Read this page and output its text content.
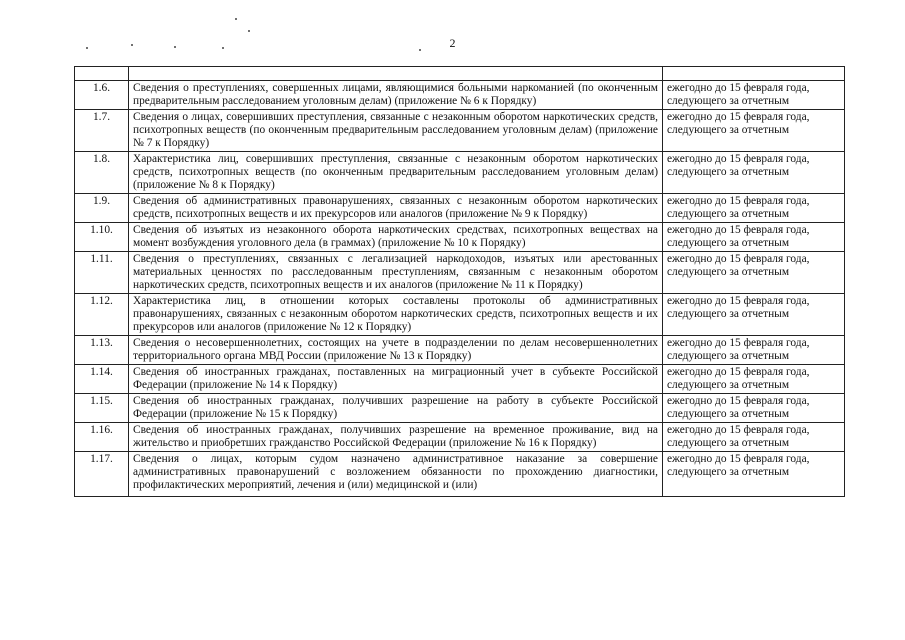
2

1.6.	Сведения о преступлениях, совершенных лицами, являющимися больными наркоманией (по оконченным предварительным расследованием уголовным делам) (приложение № 6 к Порядку)	ежегодно до 15 февраля года, следующего за отчетным
1.7.	Сведения о лицах, совершивших преступления, связанные с незаконным оборотом наркотических средств, психотропных веществ (по оконченным предварительным расследованием уголовным делам) (приложение № 7 к Порядку)	ежегодно до 15 февраля года, следующего за отчетным
1.8.	Характеристика лиц, совершивших преступления, связанные с незаконным оборотом наркотических средств, психотропных веществ (по оконченным предварительным расследованием уголовным делам) (приложение № 8 к Порядку)	ежегодно до 15 февраля года, следующего за отчетным
1.9.	Сведения об административных правонарушениях, связанных с незаконным оборотом наркотических средств, психотропных веществ и их прекурсоров или аналогов (приложение № 9 к Порядку)	ежегодно до 15 февраля года, следующего за отчетным
1.10.	Сведения об изъятых из незаконного оборота наркотических средствах, психотропных веществах на момент возбуждения уголовного дела (в граммах) (приложение № 10 к Порядку)	ежегодно до 15 февраля года, следующего за отчетным
1.11.	Сведения о преступлениях, связанных с легализацией наркодоходов, изъятых или арестованных материальных ценностях по расследованным преступлениям, связанным с незаконным оборотом наркотических средств, психотропных веществ и их аналогов (приложение № 11 к Порядку)	ежегодно до 15 февраля года, следующего за отчетным
1.12.	Характеристика лиц, в отношении которых составлены протоколы об административных правонарушениях, связанных с незаконным оборотом наркотических средств, психотропных веществ и их прекурсоров или аналогов (приложение № 12 к Порядку)	ежегодно до 15 февраля года, следующего за отчетным
1.13.	Сведения о несовершеннолетних, состоящих на учете в подразделении по делам несовершеннолетних территориального органа МВД России (приложение № 13 к Порядку)	ежегодно до 15 февраля года, следующего за отчетным
1.14.	Сведения об иностранных гражданах, поставленных на миграционный учет в субъекте Российской Федерации (приложение № 14 к Порядку)	ежегодно до 15 февраля года, следующего за отчетным
1.15.	Сведения об иностранных гражданах, получивших разрешение на работу в субъекте Российской Федерации (приложение № 15 к Порядку)	ежегодно до 15 февраля года, следующего за отчетным
1.16.	Сведения об иностранных гражданах, получивших разрешение на временное проживание, вид на жительство и приобретших гражданство Российской Федерации (приложение № 16 к Порядку)	ежегодно до 15 февраля года, следующего за отчетным
1.17.	Сведения о лицах, которым судом назначено административное наказание за совершение административных правонарушений с возложением обязанности по прохождению диагностики, профилактических мероприятий, лечения и (или) медицинской и (или)	ежегодно до 15 февраля года, следующего за отчетным
